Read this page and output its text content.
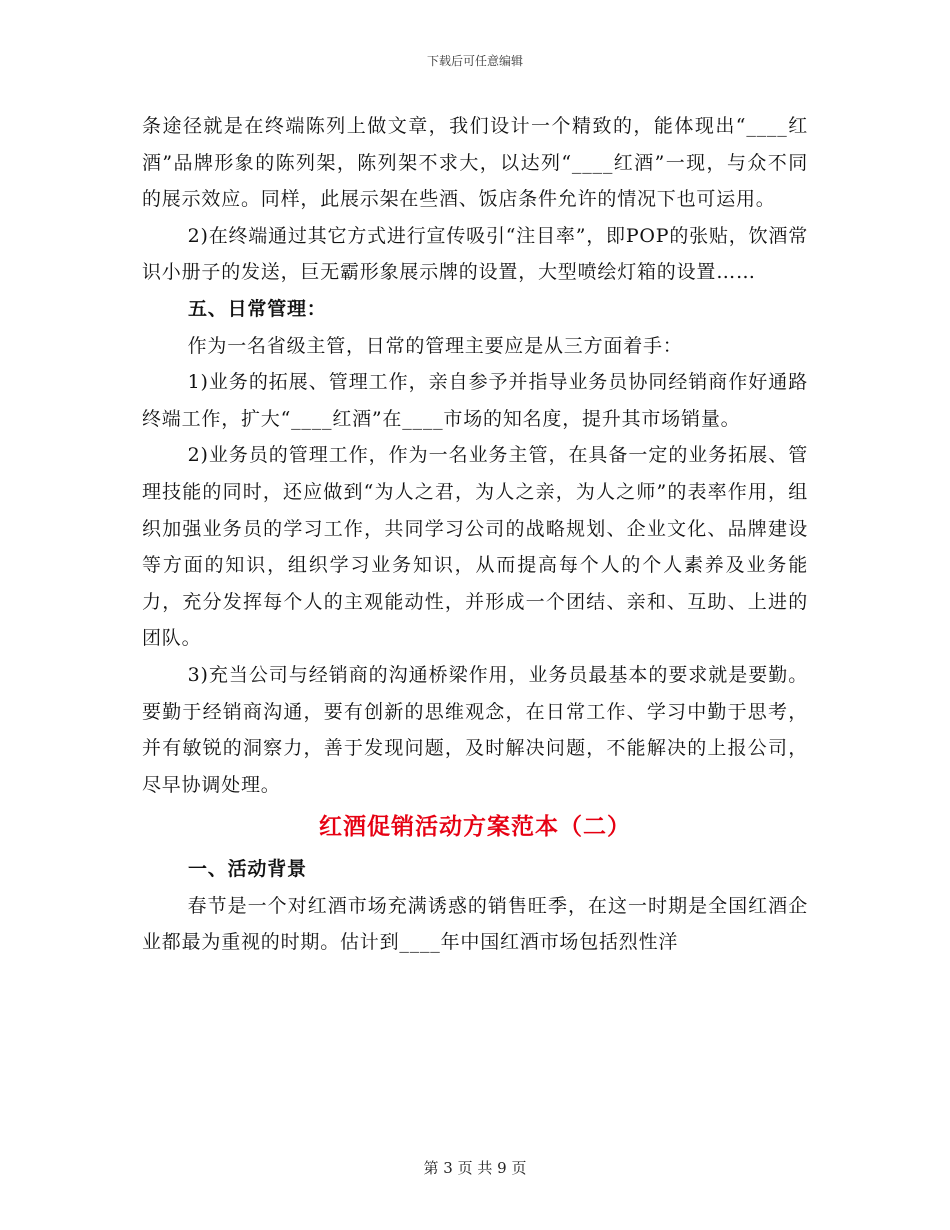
下载后可任意编辑

条途径就是在终端陈列上做文章，我们设计一个精致的，能体现出“____红酒”品牌形象的陈列架，陈列架不求大，以达列“____红酒”一现，与众不同的展示效应。同样，此展示架在些酒、饭店条件允许的情况下也可运用。

2)在终端通过其它方式进行宣传吸引“注目率”，即POP的张贴，饮酒常识小册子的发送，巨无霸形象展示牌的设置，大型喷绘灯箱的设置……

五、日常管理：

作为一名省级主管，日常的管理主要应是从三方面着手：

1)业务的拓展、管理工作，亲自参予并指导业务员协同经销商作好通路终端工作，扩大“____红酒”在____市场的知名度，提升其市场销量。

2)业务员的管理工作，作为一名业务主管，在具备一定的业务拓展、管理技能的同时，还应做到“为人之君，为人之亲，为人之师”的表率作用，组织加强业务员的学习工作，共同学习公司的战略规划、企业文化、品牌建设等方面的知识，组织学习业务知识，从而提高每个人的个人素养及业务能力，充分发挥每个人的主观能动性，并形成一个团结、亲和、互助、上进的团队。

3)充当公司与经销商的沟通桥梁作用，业务员最基本的要求就是要勤。要勤于经销商沟通，要有创新的思维观念，在日常工作、学习中勤于思考，并有敏锐的洞察力，善于发现问题，及时解决问题，不能解决的上报公司，尽早协调处理。

红酒促销活动方案范本（二）

一、活动背景

春节是一个对红酒市场充满诱惑的销售旺季，在这一时期是全国红酒企业都最为重视的时期。估计到____年中国红酒市场包括烈性洋

第 3 页 共 9 页
